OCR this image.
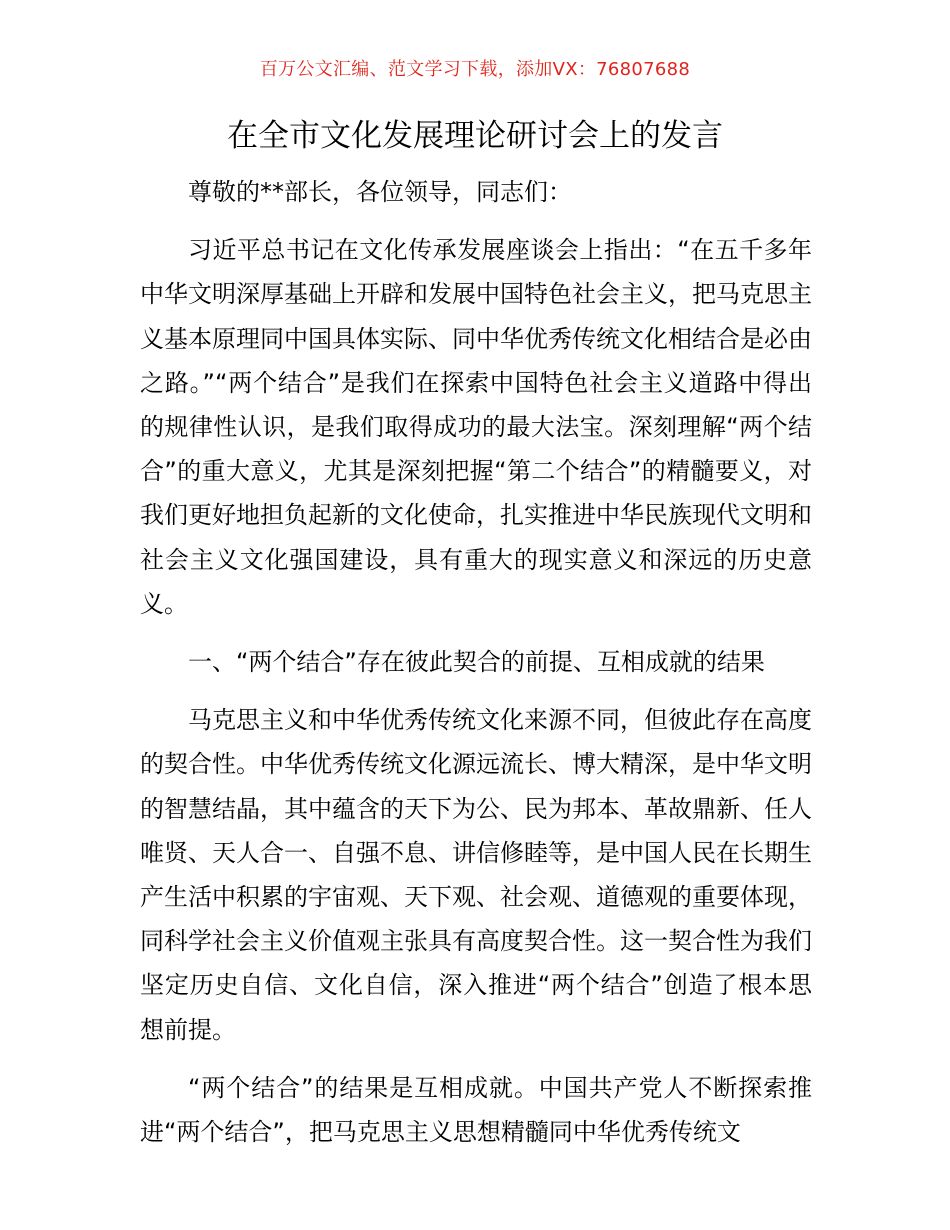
百万公文汇编、范文学习下载，添加VX：76807688
在全市文化发展理论研讨会上的发言

尊敬的**部长，各位领导，同志们：

习近平总书记在文化传承发展座谈会上指出：“在五千多年中华文明深厚基础上开辟和发展中国特色社会主义，把马克思主义基本原理同中国具体实际、同中华优秀传统文化相结合是必由之路。”“两个结合”是我们在探索中国特色社会主义道路中得出的规律性认识，是我们取得成功的最大法宝。深刻理解“两个结合”的重大意义，尤其是深刻把握“第二个结合”的精髓要义，对我们更好地担负起新的文化使命，扎实推进中华民族现代文明和社会主义文化强国建设，具有重大的现实意义和深远的历史意义。

一、“两个结合”存在彼此契合的前提、互相成就的结果

马克思主义和中华优秀传统文化来源不同，但彼此存在高度的契合性。中华优秀传统文化源远流长、博大精深，是中华文明的智慧结晶，其中蕴含的天下为公、民为邦本、革故鼎新、任人唯贤、天人合一、自强不息、讲信修睦等，是中国人民在长期生产生活中积累的宇宙观、天下观、社会观、道德观的重要体现，同科学社会主义价值观主张具有高度契合性。这一契合性为我们坚定历史自信、文化自信，深入推进“两个结合”创造了根本思想前提。

“两个结合”的结果是互相成就。中国共产党人不断探索推进“两个结合”，把马克思主义思想精髓同中华优秀传统文
